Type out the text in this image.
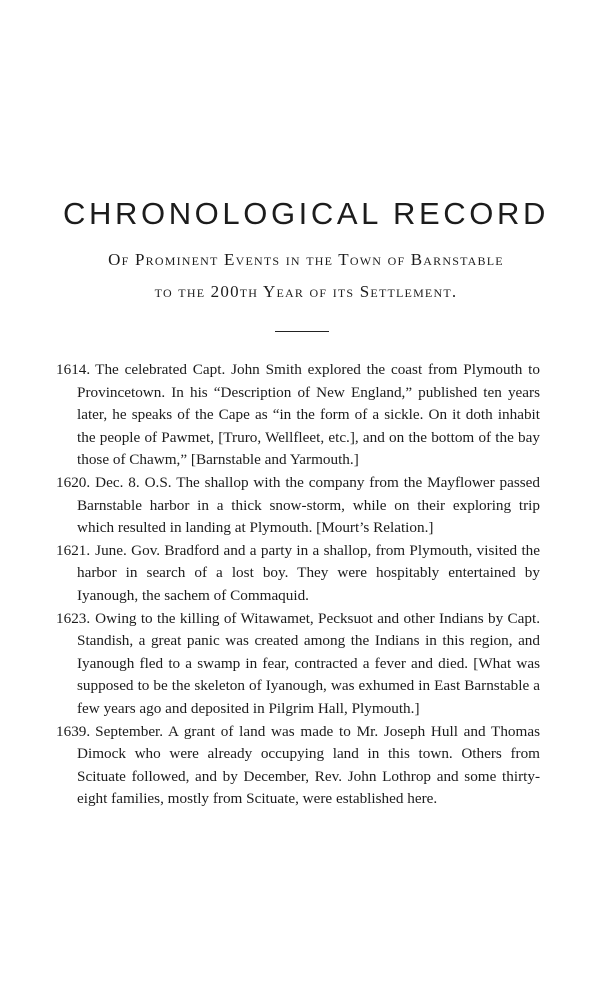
CHRONOLOGICAL RECORD

Of Prominent Events in the Town of Barnstable

to the 200th Year of its Settlement.

1614. The celebrated Capt. John Smith explored the coast from Plymouth to Provincetown. In his “Description of New England,” published ten years later, he speaks of the Cape as “in the form of a sickle. On it doth inhabit the people of Pawmet, [Truro, Wellfleet, etc.], and on the bottom of the bay those of Chawm,” [Barnstable and Yarmouth.]

1620. Dec. 8. O.S. The shallop with the company from the Mayflower passed Barnstable harbor in a thick snow-storm, while on their exploring trip which resulted in landing at Plymouth. [Mourt’s Relation.]

1621. June. Gov. Bradford and a party in a shallop, from Plymouth, visited the harbor in search of a lost boy. They were hospitably entertained by Iyanough, the sachem of Commaquid.

1623. Owing to the killing of Witawamet, Pecksuot and other Indians by Capt. Standish, a great panic was created among the Indians in this region, and Iyanough fled to a swamp in fear, contracted a fever and died. [What was supposed to be the skeleton of Iyanough, was exhumed in East Barnstable a few years ago and deposited in Pilgrim Hall, Plymouth.]

1639. September. A grant of land was made to Mr. Joseph Hull and Thomas Dimock who were already occupying land in this town. Others from Scituate followed, and by December, Rev. John Lothrop and some thirty-eight families, mostly from Scituate, were established here.
